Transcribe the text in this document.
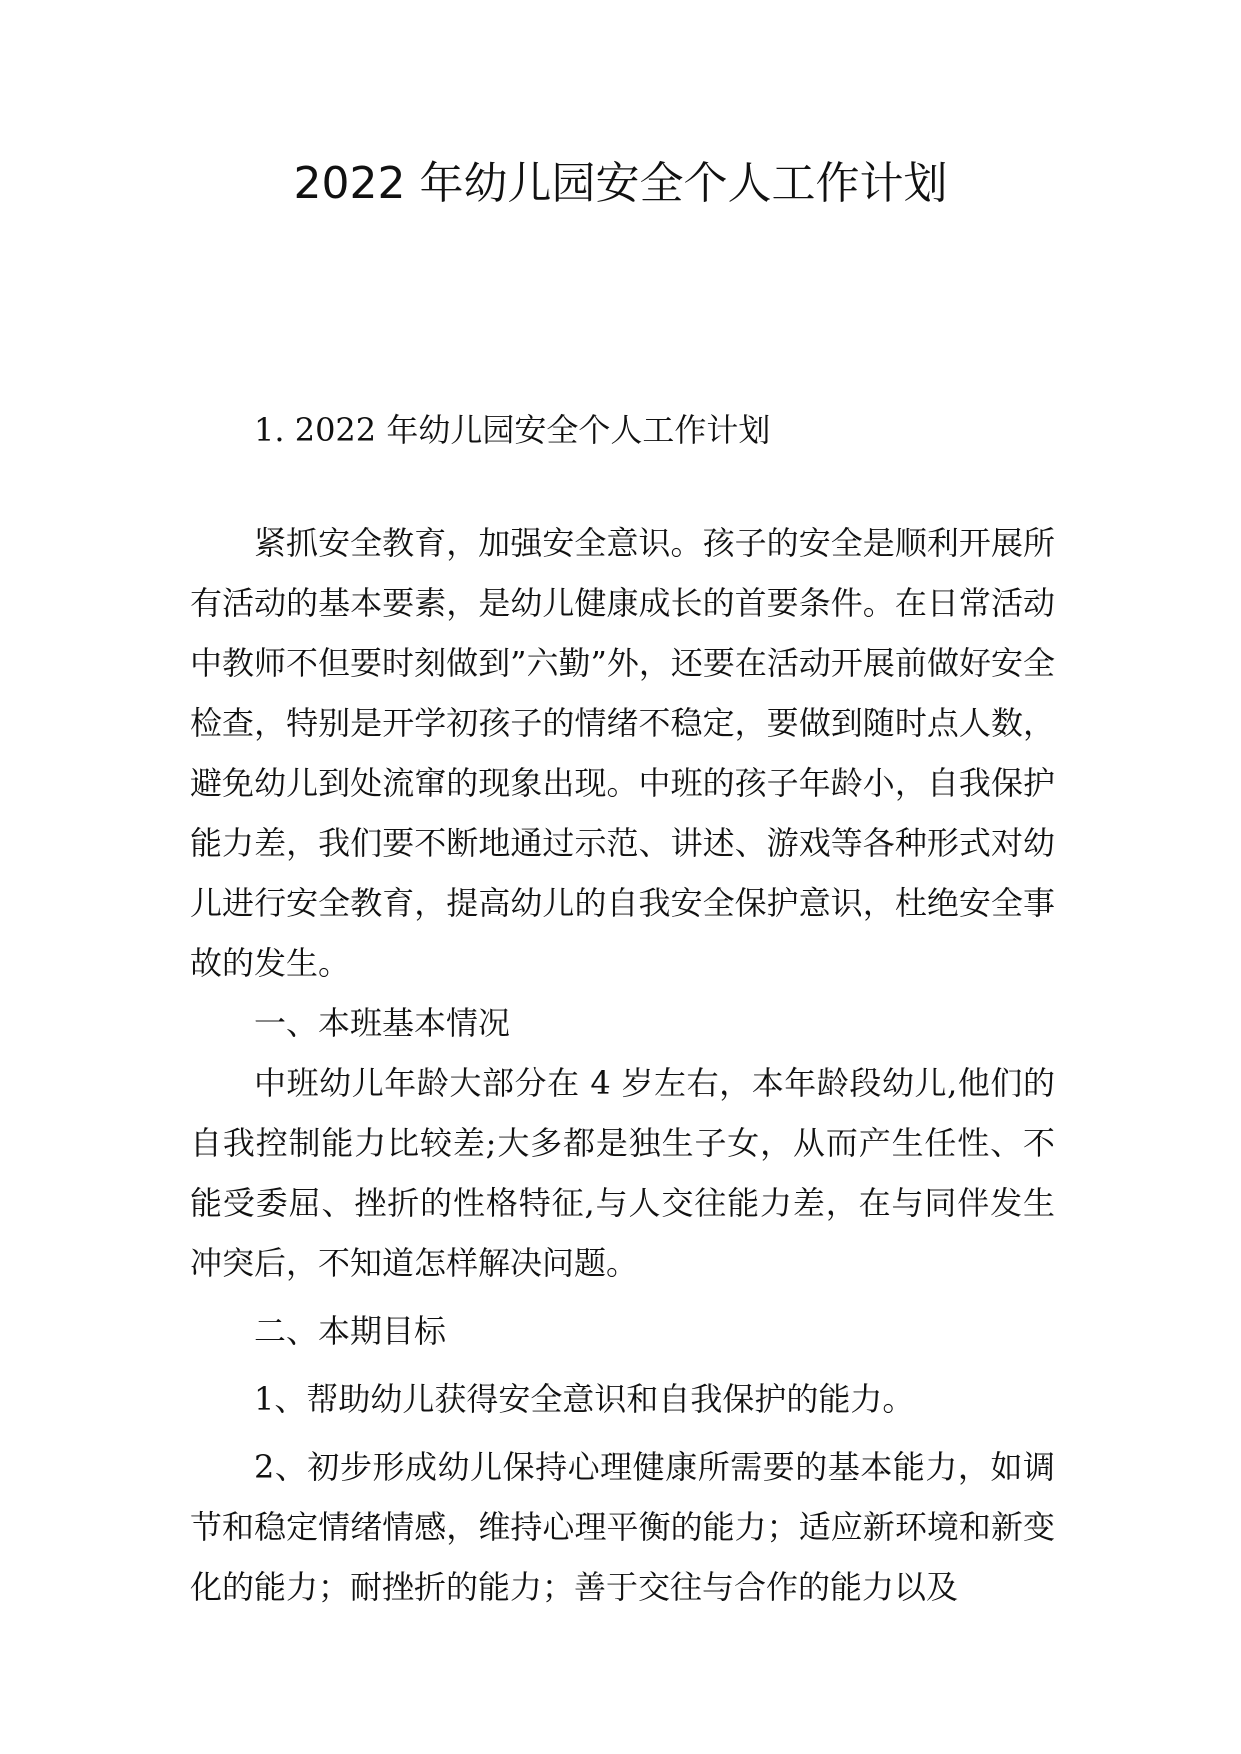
2022 年幼儿园安全个人工作计划

1. 2022 年幼儿园安全个人工作计划

紧抓安全教育，加强安全意识。孩子的安全是顺利开展所有活动的基本要素，是幼儿健康成长的首要条件。在日常活动中教师不但要时刻做到”六勤”外，还要在活动开展前做好安全检查，特别是开学初孩子的情绪不稳定，要做到随时点人数，避免幼儿到处流窜的现象出现。中班的孩子年龄小，自我保护能力差，我们要不断地通过示范、讲述、游戏等各种形式对幼儿进行安全教育，提高幼儿的自我安全保护意识，杜绝安全事故的发生。

一、本班基本情况

中班幼儿年龄大部分在 4 岁左右，本年龄段幼儿,他们的自我控制能力比较差;大多都是独生子女，从而产生任性、不能受委屈、挫折的性格特征,与人交往能力差，在与同伴发生冲突后，不知道怎样解决问题。

二、本期目标

1、帮助幼儿获得安全意识和自我保护的能力。

2、初步形成幼儿保持心理健康所需要的基本能力，如调节和稳定情绪情感，维持心理平衡的能力；适应新环境和新变化的能力；耐挫折的能力；善于交往与合作的能力以及
